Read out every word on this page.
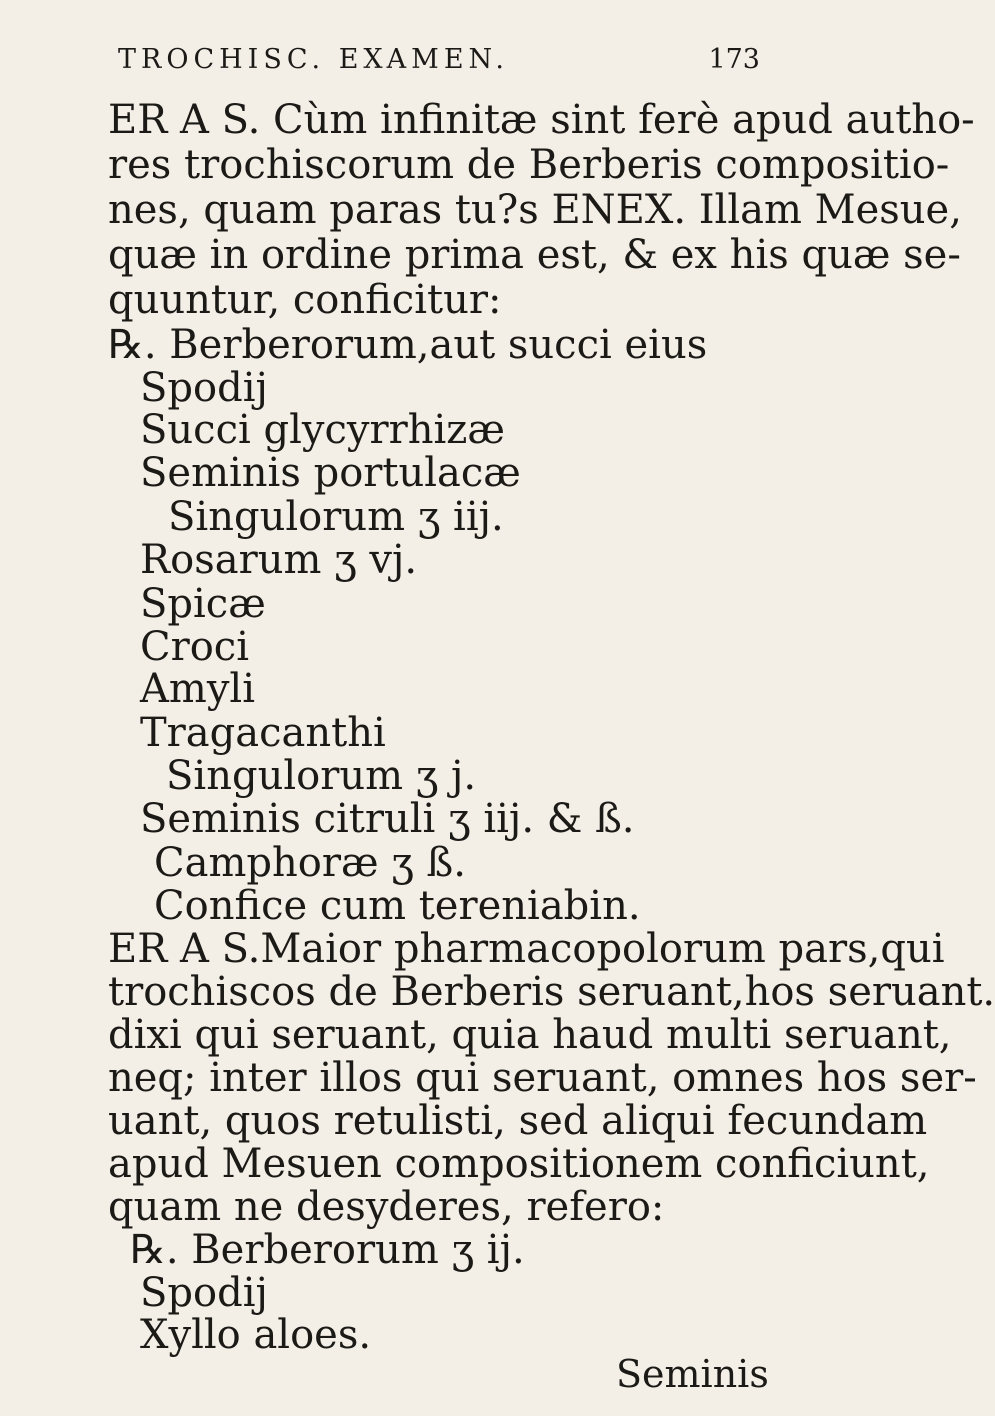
TROCHISC. EXAMEN.	173
ER A S. Cùm infinitæ sint ferè apud autho-
res trochiscorum de Berberis compositio-
nes, quam paras tu?s ENEX. Illam Mesue,
quæ in ordine prima est, & ex his quæ se-
quuntur, conficitur:
℞. Berberorum,aut succi eius
Spodij
Succi glycyrrhizæ
Seminis portulacæ
Singulorum ʒ iij.
Rosarum ʒ vj.
Spicæ
Croci
Amyli
Tragacanthi
Singulorum ʒ j.
Seminis citruli ʒ iij. & ß.
Camphoræ ʒ ß.
Confice cum tereniabin.
ER A S.Maior pharmacopolorum pars,qui
trochiscos de Berberis seruant,hos seruant.
dixi qui seruant, quia haud multi seruant,
neq; inter illos qui seruant, omnes hos ser-
uant, quos retulisti, sed aliqui fecundam
apud Mesuen compositionem conficiunt,
quam ne desyderes, refero:
℞. Berberorum ʒ ij.
Spodij
Xyllo aloes.
Seminis
